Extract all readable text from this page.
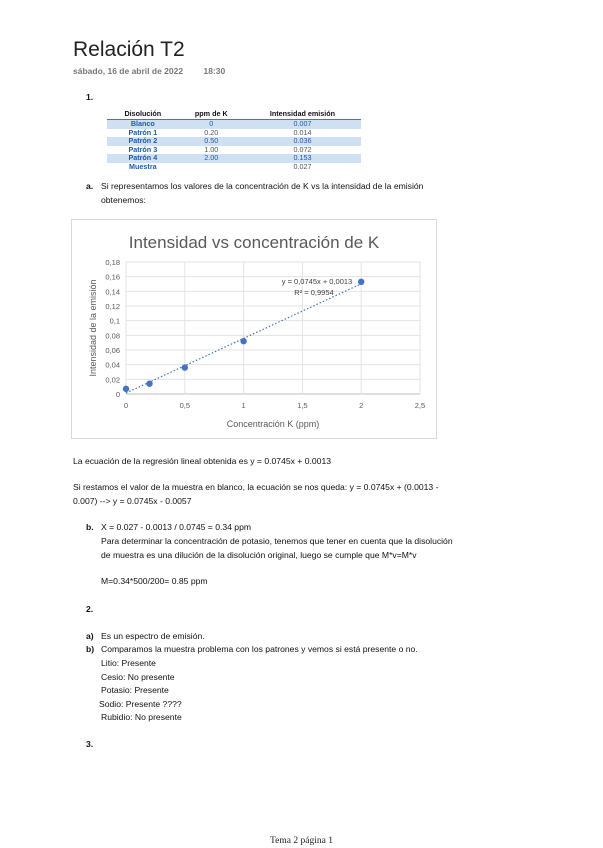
Relación T2
sábado, 16 de abril de 2022 18:30
1.
Disolución	ppm de K	Intensidad emisión
Blanco	0	0.007
Patrón 1	0.20	0.014
Patrón 2	0.50	0.036
Patrón 3	1.00	0.072
Patrón 4	2.00	0.153
Muestra		0.027
a. Si representamos los valores de la concentración de K vs la intensidad de la emisión
obtenemos:
Intensidad vs concentración de K
0
0,02
0,04
0,06
0,08
0,1
0,12
0,14
0,16
0,18
0	0,5	1	1,5	2	2,5
Concentración K (ppm)
Intensidad de la emisión	y = 0,0745x + 0,0013
R² = 0,9954
La ecuación de la regresión lineal obtenida es y = 0.0745x + 0.0013
Si restamos el valor de la muestra en blanco, la ecuación se nos queda: y = 0.0745x + (0.0013 -
0.007) --> y = 0.0745x - 0.0057
b. X = 0.027 - 0.0013 / 0.0745 = 0.34 ppm
Para determinar la concentración de potasio, tenemos que tener en cuenta que la disolución
de muestra es una dilución de la disolución original, luego se cumple que M*v=M*v
M=0.34*500/200= 0.85 ppm
2.
a) Es un espectro de emisión.
b) Comparamos la muestra problema con los patrones y vemos si está presente o no.
Litio: Presente
Cesio: No presente
Potasio: Presente
Sodio: Presente ????
Rubidio: No presente
3.
Tema 2 página 1
